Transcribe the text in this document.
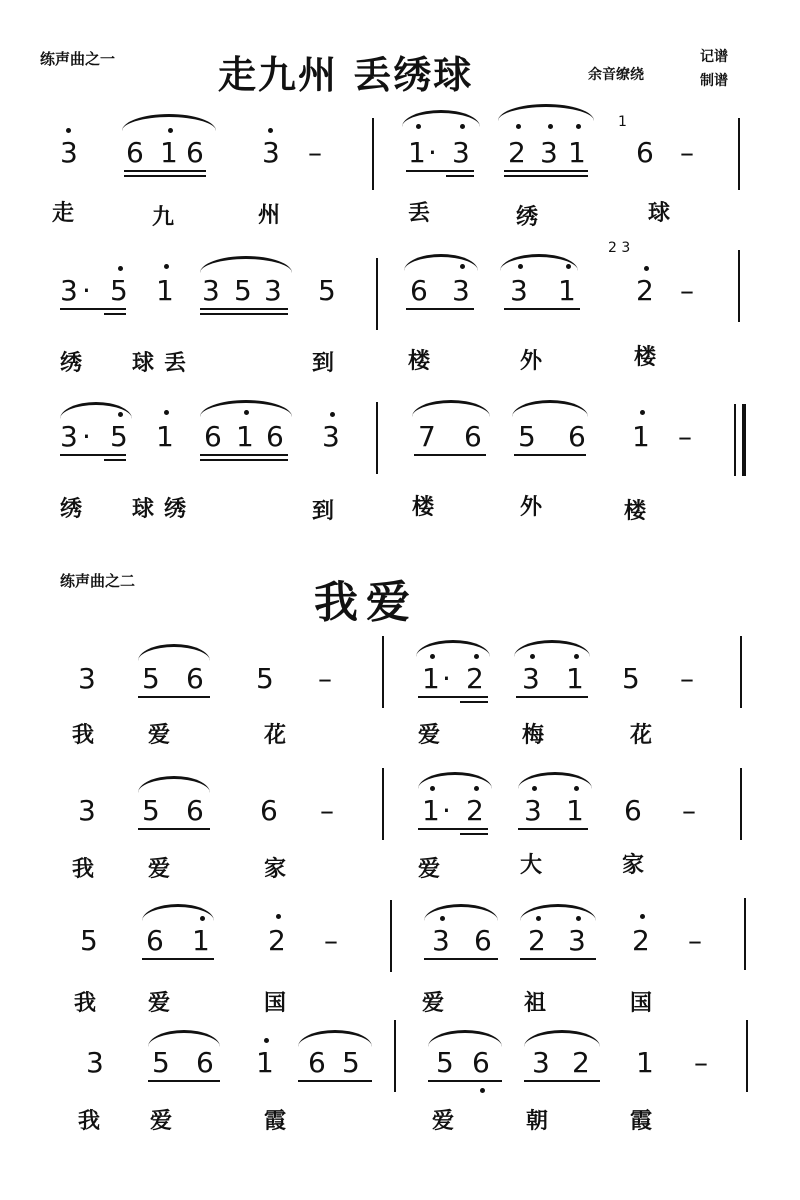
练声曲之一	走九州 丢绣球	余音缭绕
记谱
制谱
3 6 1 6 3 –	1 · 3 2 3 1
1
6 –
走	九	州	丢	绣	球
3 · 5 1 3 5 3 5	6 3 3 1
2 3
2 –
绣 球丢	到	楼	外	楼
3 · 5 1 6 1 6 3	7 6 5 6 1 –
绣 球绣	到	楼	外	楼
练声曲之二	我爱
3 5 6 5 –	1 · 2 3 1 5 –
我 爱	花	爱	梅	花
3 5 6 6 –	1 · 2 3 1 6 –
我 爱	家	爱	大	家
5 6 1 2 –	3 6 2 3 2 –
我 爱	国	爱	祖	国
3 5 6 1 6 5	5 6 3 2 1 –
我 爱	霞	爱	朝	霞
